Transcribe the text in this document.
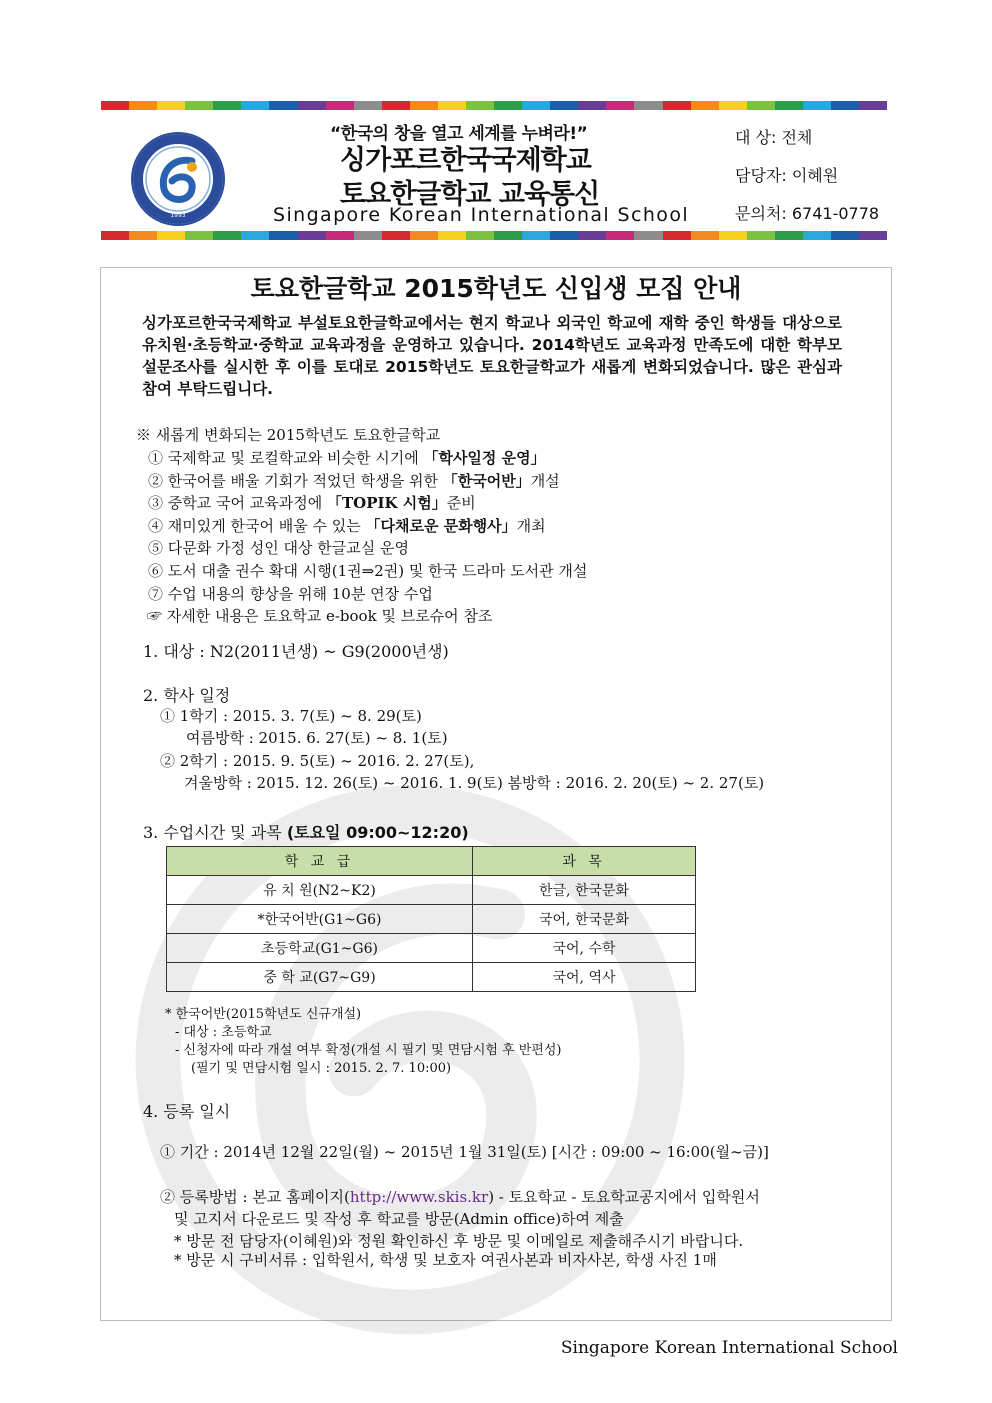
1993
“한국의 창을 열고 세계를 누벼라!”
싱가포르한국국제학교
토요한글학교 교육통신
Singapore Korean International School
대 상: 전체
담당자: 이혜원
문의처: 6741-0778
토요한글학교 2015학년도 신입생 모집 안내
싱가포르한국국제학교 부설토요한글학교에서는 현지 학교나 외국인 학교에 재학 중인 학생들 대상으로 유치원·초등학교·중학교 교육과정을 운영하고 있습니다. 2014학년도 교육과정 만족도에 대한 학부모 설문조사를 실시한 후 이를 토대로 2015학년도 토요한글학교가 새롭게 변화되었습니다. 많은 관심과 참여 부탁드립니다.
※ 새롭게 변화되는 2015학년도 토요한글학교
① 국제학교 및 로컬학교와 비슷한 시기에 「학사일정 운영」
② 한국어를 배울 기회가 적었던 학생을 위한 「한국어반」개설
③ 중학교 국어 교육과정에 「TOPIK 시험」준비
④ 재미있게 한국어 배울 수 있는 「다채로운 문화행사」개최
⑤ 다문화 가정 성인 대상 한글교실 운영
⑥ 도서 대출 권수 확대 시행(1권⇒2권) 및 한국 드라마 도서관 개설
⑦ 수업 내용의 향상을 위해 10분 연장 수업
☞ 자세한 내용은 토요학교 e-book 및 브로슈어 참조
1. 대상 : N2(2011년생) ~ G9(2000년생)
2. 학사 일정
① 1학기 : 2015. 3. 7(토) ~ 8. 29(토)
여름방학 : 2015. 6. 27(토) ~ 8. 1(토)
② 2학기 : 2015. 9. 5(토) ~ 2016. 2. 27(토),
겨울방학 : 2015. 12. 26(토) ~ 2016. 1. 9(토) 봄방학 : 2016. 2. 20(토) ~ 2. 27(토)
3. 수업시간 및 과목 (토요일 09:00~12:20)
학 교 급	과 목
유 치 원(N2~K2)	한글, 한국문화
*한국어반(G1~G6)	국어, 한국문화
초등학교(G1~G6)	국어, 수학
중 학 교(G7~G9)	국어, 역사
* 한국어반(2015학년도 신규개설)
- 대상 : 초등학교
- 신청자에 따라 개설 여부 확정(개설 시 필기 및 면담시험 후 반편성)
(필기 및 면담시험 일시 : 2015. 2. 7. 10:00)
4. 등록 일시
① 기간 : 2014년 12월 22일(월) ~ 2015년 1월 31일(토) [시간 : 09:00 ~ 16:00(월~금)]
② 등록방법 : 본교 홈페이지(http://www.skis.kr) - 토요학교 - 토요학교공지에서 입학원서
및 고지서 다운로드 및 작성 후 학교를 방문(Admin office)하여 제출
* 방문 전 담당자(이혜원)와 정원 확인하신 후 방문 및 이메일로 제출해주시기 바랍니다.
* 방문 시 구비서류 : 입학원서, 학생 및 보호자 여권사본과 비자사본, 학생 사진 1매
Singapore Korean International School
